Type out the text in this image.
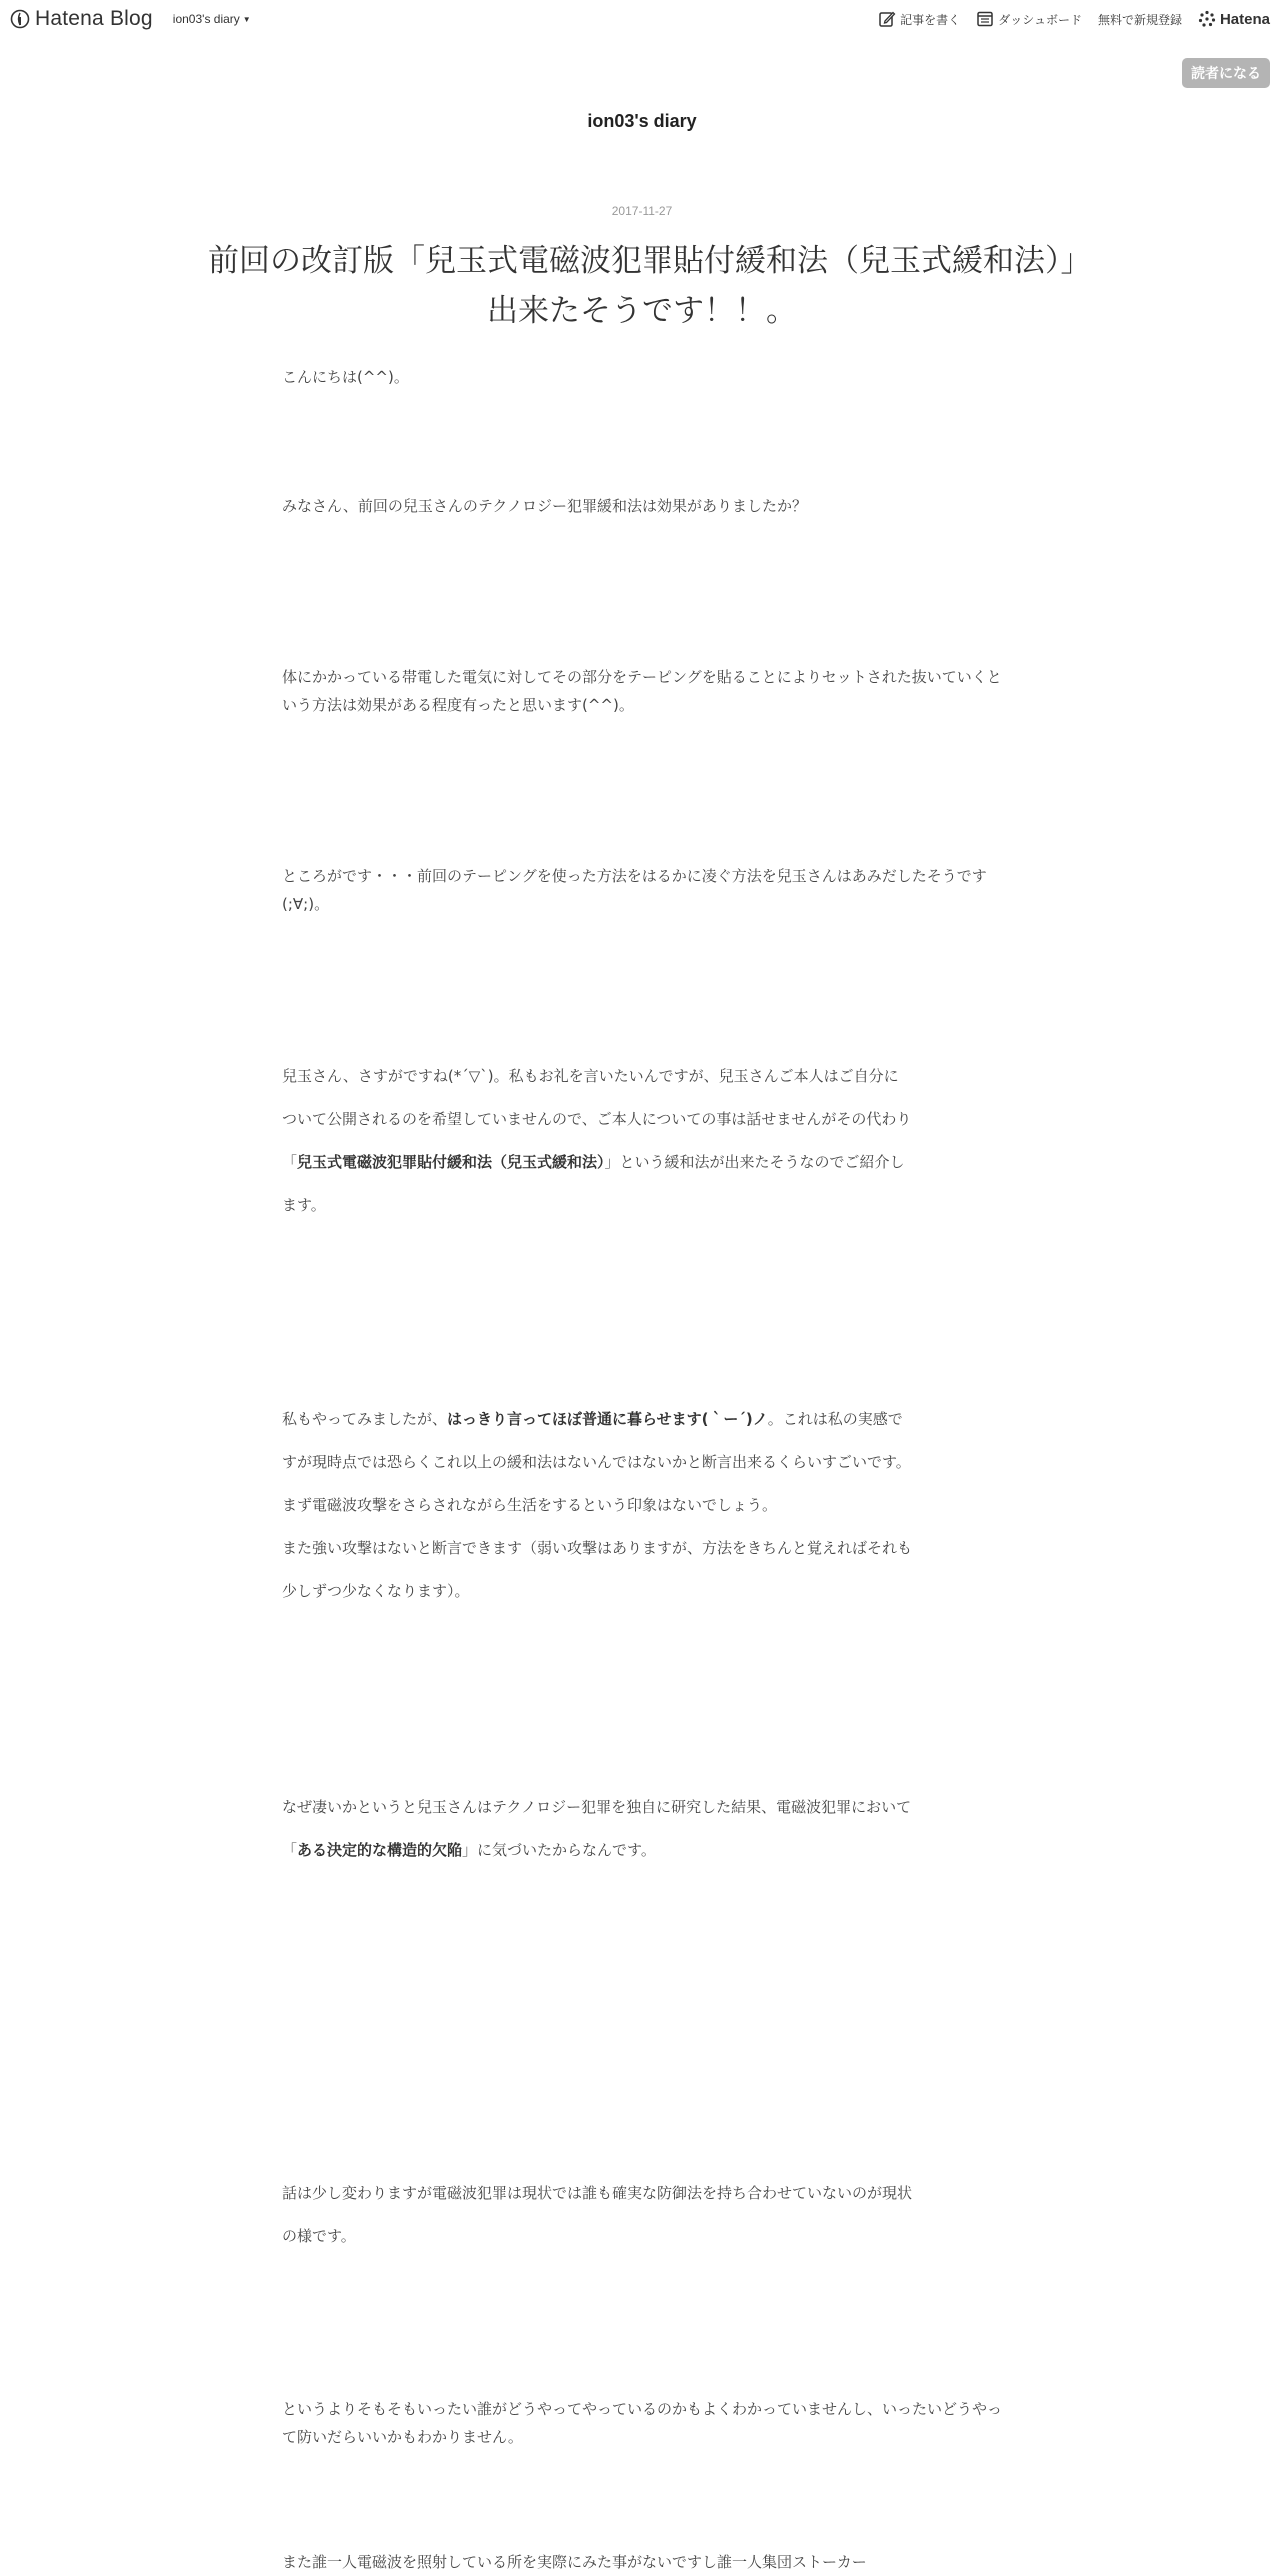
Hatena Blog ion03's diary ▼	記事を書く	ダッシュボード 無料で新規登録	Hatena
読者になる
ion03's diary
2017-11-27
前回の改訂版「兒玉式電磁波犯罪貼付緩和法（兒玉式緩和法）」出来たそうです！！。

こんにちは(^^)。

みなさん、前回の兒玉さんのテクノロジー犯罪緩和法は効果がありましたか？

体にかかっている帯電した電気に対してその部分をテーピングを貼ることによりセットされた抜いていくという方法は効果がある程度有ったと思います(^^)。

ところがです・・・前回のテーピングを使った方法をはるかに凌ぐ方法を兒玉さんはあみだしたそうです(;∀;)。

兒玉さん、さすがですね(*´▽`)。私もお礼を言いたいんですが、兒玉さんご本人はご自分について公開されるのを希望していませんので、ご本人についての事は話せませんがその代わり「兒玉式電磁波犯罪貼付緩和法（兒玉式緩和法）」という緩和法が出来たそうなのでご紹介します。

私もやってみましたが、はっきり言ってほぼ普通に暮らせます(｀ー´)ノ。これは私の実感ですが現時点では恐らくこれ以上の緩和法はないんではないかと断言出来るくらいすごいです。まず電磁波攻撃をさらされながら生活をするという印象はないでしょう。
また強い攻撃はないと断言できます（弱い攻撃はありますが、方法をきちんと覚えればそれも少しずつ少なくなります）。

なぜ凄いかというと兒玉さんはテクノロジー犯罪を独自に研究した結果、電磁波犯罪において「ある決定的な構造的欠陥」に気づいたからなんです。

話は少し変わりますが電磁波犯罪は現状では誰も確実な防御法を持ち合わせていないのが現状の様です。

というよりそもそもいったい誰がどうやってやっているのかもよくわかっていませんし、いったいどうやって防いだらいいかもわかりません。

また誰一人電磁波を照射している所を実際にみた事がないですし誰一人集団ストーカー
